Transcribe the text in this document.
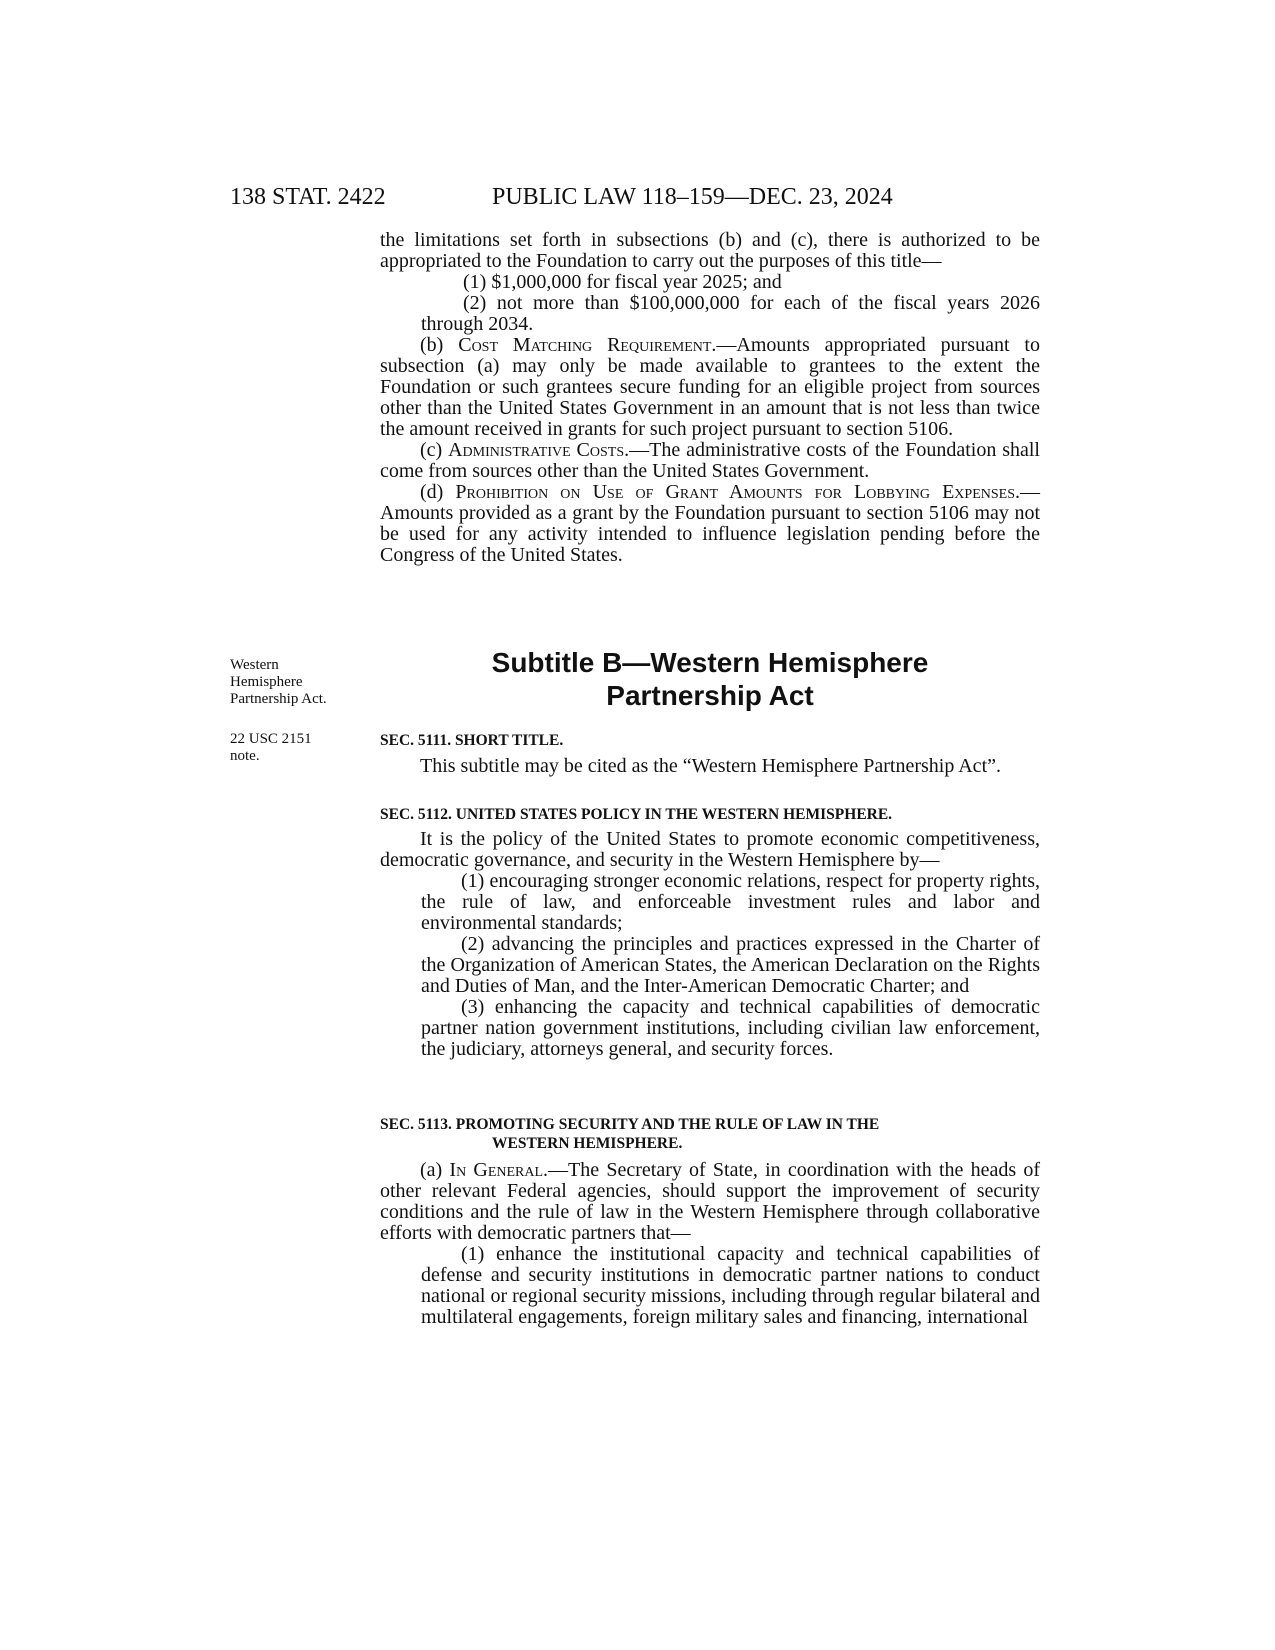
138 STAT. 2422	PUBLIC LAW 118–159—DEC. 23, 2024
the limitations set forth in subsections (b) and (c), there is authorized to be appropriated to the Foundation to carry out the purposes of this title—
(1) $1,000,000 for fiscal year 2025; and
(2) not more than $100,000,000 for each of the fiscal years 2026 through 2034.
(b) Cost Matching Requirement.—Amounts appropriated pursuant to subsection (a) may only be made available to grantees to the extent the Foundation or such grantees secure funding for an eligible project from sources other than the United States Government in an amount that is not less than twice the amount received in grants for such project pursuant to section 5106.
(c) Administrative Costs.—The administrative costs of the Foundation shall come from sources other than the United States Government.
(d) Prohibition on Use of Grant Amounts for Lobbying Expenses.—Amounts provided as a grant by the Foundation pursuant to section 5106 may not be used for any activity intended to influence legislation pending before the Congress of the United States.
Western Hemisphere Partnership Act.
22 USC 2151 note.
Subtitle B—Western Hemisphere
Partnership Act
SEC. 5111. SHORT TITLE.
This subtitle may be cited as the “Western Hemisphere Partnership Act”.
SEC. 5112. UNITED STATES POLICY IN THE WESTERN HEMISPHERE.
It is the policy of the United States to promote economic competitiveness, democratic governance, and security in the Western Hemisphere by—
(1) encouraging stronger economic relations, respect for property rights, the rule of law, and enforceable investment rules and labor and environmental standards;
(2) advancing the principles and practices expressed in the Charter of the Organization of American States, the American Declaration on the Rights and Duties of Man, and the Inter-American Democratic Charter; and
(3) enhancing the capacity and technical capabilities of democratic partner nation government institutions, including civilian law enforcement, the judiciary, attorneys general, and security forces.
SEC. 5113. PROMOTING SECURITY AND THE RULE OF LAW IN THE
WESTERN HEMISPHERE.
(a) In General.—The Secretary of State, in coordination with the heads of other relevant Federal agencies, should support the improvement of security conditions and the rule of law in the Western Hemisphere through collaborative efforts with democratic partners that—
(1) enhance the institutional capacity and technical capabilities of defense and security institutions in democratic partner nations to conduct national or regional security missions, including through regular bilateral and multilateral engagements, foreign military sales and financing, international
